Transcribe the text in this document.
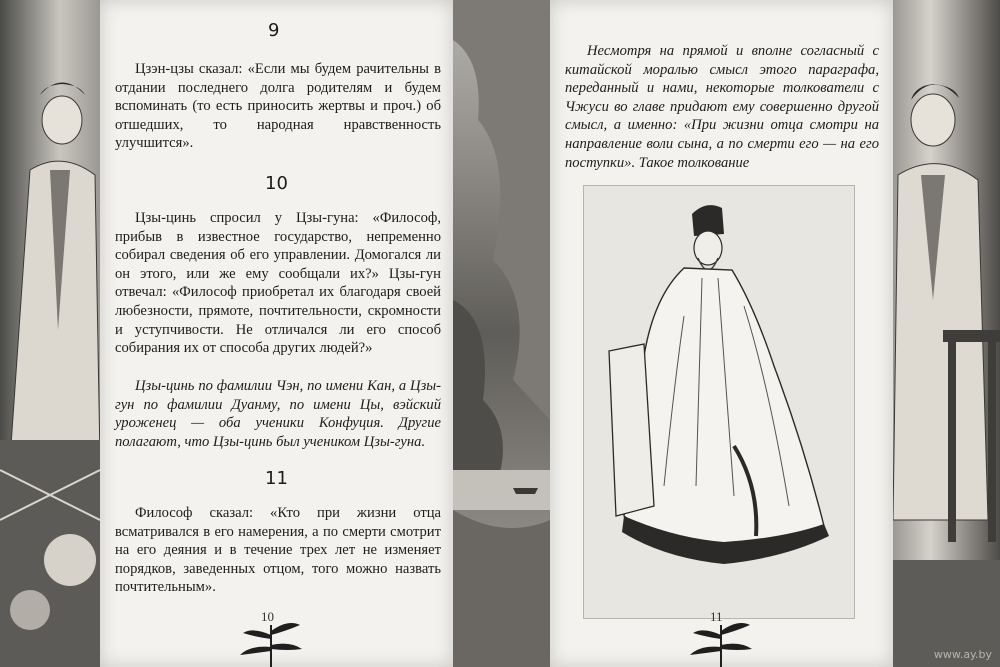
9
Цзэн-цзы сказал: «Если мы будем рачительны в отдании последнего долга родителям и будем вспоминать (то есть приносить жертвы и проч.) об отшедших, то народная нравственность улучшится».
10
Цзы-цинь спросил у Цзы-гуна: «Философ, прибыв в известное государство, непременно собирал сведения об его управлении. Домогался ли он этого, или же ему сообщали их?» Цзы-гун отвечал: «Философ приобретал их благодаря своей любезности, прямоте, почтительности, скромности и уступчивости. Не отличался ли его способ собирания их от способа других людей?»
Цзы-цинь по фамилии Чэн, по имени Кан, а Цзы-гун по фамилии Дуанму, по имени Цы, вэйский уроженец — оба ученики Конфуция. Другие полагают, что Цзы-цинь был учеником Цзы-гуна.
11
Философ сказал: «Кто при жизни отца всматривался в его намерения, а по смерти смотрит на его деяния и в течение трех лет не изменяет порядков, заведенных отцом, того можно назвать почтительным».
10
Несмотря на прямой и вполне согласный с китайской моралью смысл этого параграфа, переданный и нами, некоторые толкователи с Чжуси во главе придают ему совершенно другой смысл, а именно: «При жизни отца смотри на направление воли сына, а по смерти его — на его поступки». Такое толкование
11
www.ay.by
